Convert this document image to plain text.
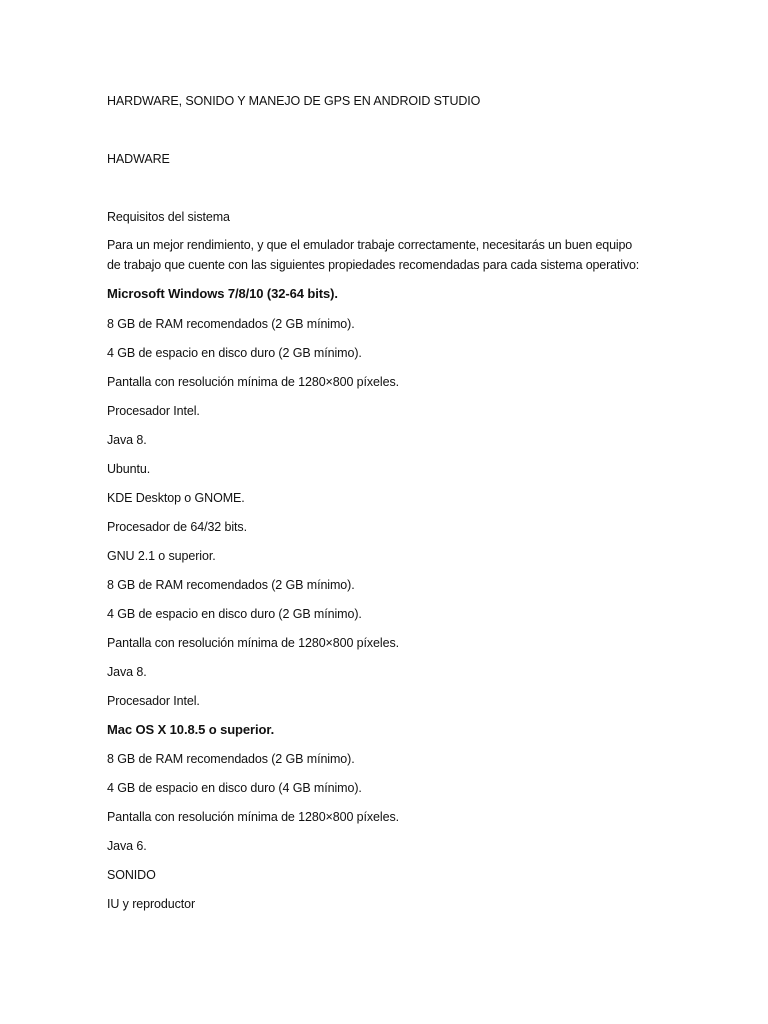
HARDWARE, SONIDO Y MANEJO DE GPS EN ANDROID STUDIO
HADWARE
Requisitos del sistema
Para un mejor rendimiento, y que el emulador trabaje correctamente, necesitarás un buen equipo
de trabajo que cuente con las siguientes propiedades recomendadas para cada sistema operativo:
Microsoft Windows 7/8/10 (32-64 bits).
8 GB de RAM recomendados (2 GB mínimo).
4 GB de espacio en disco duro (2 GB mínimo).
Pantalla con resolución mínima de 1280×800 píxeles.
Procesador Intel.
Java 8.
Ubuntu.
KDE Desktop o GNOME.
Procesador de 64/32 bits.
GNU 2.1 o superior.
8 GB de RAM recomendados (2 GB mínimo).
4 GB de espacio en disco duro (2 GB mínimo).
Pantalla con resolución mínima de 1280×800 píxeles.
Java 8.
Procesador Intel.
Mac OS X 10.8.5 o superior.
8 GB de RAM recomendados (2 GB mínimo).
4 GB de espacio en disco duro (4 GB mínimo).
Pantalla con resolución mínima de 1280×800 píxeles.
Java 6.
SONIDO
IU y reproductor
